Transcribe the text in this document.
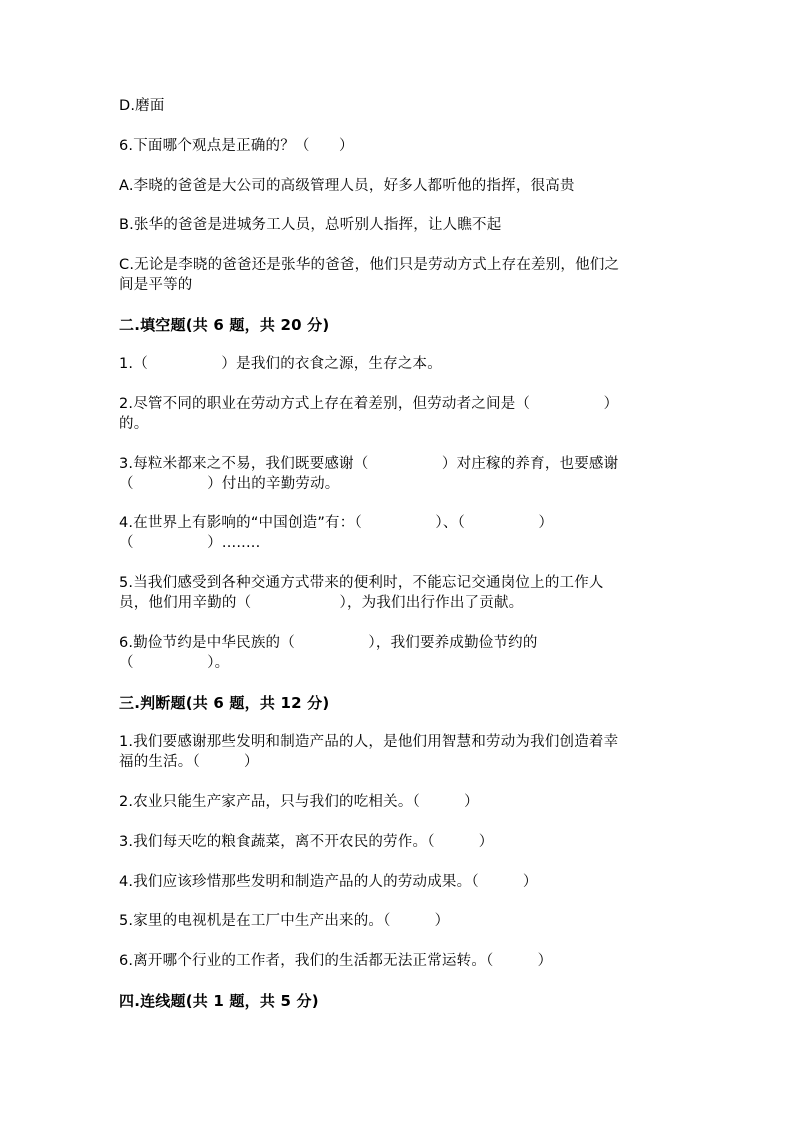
D.磨面
6.下面哪个观点是正确的？（　　）
A.李晓的爸爸是大公司的高级管理人员，好多人都听他的指挥，很高贵
B.张华的爸爸是进城务工人员，总听别人指挥，让人瞧不起
C.无论是李晓的爸爸还是张华的爸爸，他们只是劳动方式上存在差别，他们之
间是平等的
二.填空题(共 6 题，共 20 分)
1.（　　　　　）是我们的衣食之源，生存之本。
2.尽管不同的职业在劳动方式上存在着差别，但劳动者之间是（　　　　　）
的。
3.每粒米都来之不易，我们既要感谢（　　　　　）对庄稼的养育，也要感谢
（　　　　　）付出的辛勤劳动。
4.在世界上有影响的“中国创造”有：（　　　　　）、（　　　　　）
（　　　　　）........
5.当我们感受到各种交通方式带来的便利时，不能忘记交通岗位上的工作人
员，他们用辛勤的（　　　　　　），为我们出行作出了贡献。
6.勤俭节约是中华民族的（　　　　　），我们要养成勤俭节约的
（　　　　　）。
三.判断题(共 6 题，共 12 分)
1.我们要感谢那些发明和制造产品的人，是他们用智慧和劳动为我们创造着幸
福的生活。（　　　）
2.农业只能生产家产品，只与我们的吃相关。（　　　）
3.我们每天吃的粮食蔬菜，离不开农民的劳作。（　　　）
4.我们应该珍惜那些发明和制造产品的人的劳动成果。（　　　）
5.家里的电视机是在工厂中生产出来的。（　　　）
6.离开哪个行业的工作者，我们的生活都无法正常运转。（　　　）
四.连线题(共 1 题，共 5 分)
